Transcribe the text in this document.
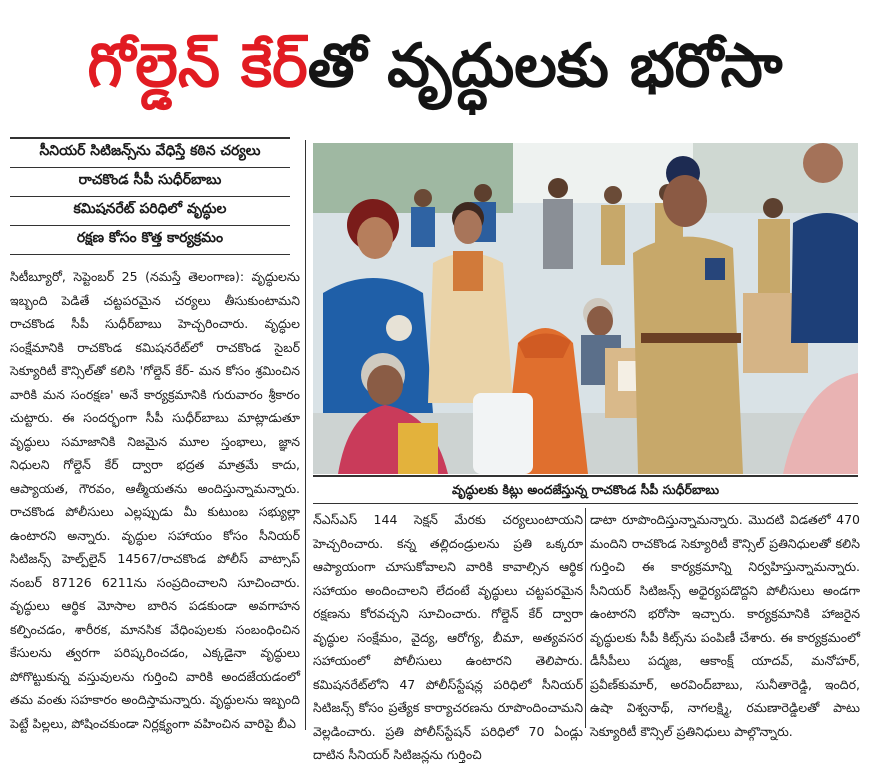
గోల్డెన్ కేర్ తో వృద్ధులకు భరోసా
సీనియర్ సిటిజన్స్‌ను వేధిస్తే కఠిన చర్యలు
రాచకొండ సీపీ సుధీర్‌బాబు
కమిషనరేట్ పరిధిలో వృద్ధుల
రక్షణ కోసం కొత్త కార్యక్రమం
వృద్ధులకు కిట్లు అందజేస్తున్న రాచకొండ సీపీ సుధీర్‌బాబు
సిటీబ్యూరో, సెప్టెంబర్ 25 (నమస్తే తెలంగాణ): వృద్ధులను ఇబ్బంది పెడితే చట్టపరమైన చర్యలు తీసుకుంటామని రాచకొండ సీపీ సుధీర్‌బాబు హెచ్చరించారు. వృద్ధుల సంక్షేమానికి రాచకొండ కమిషనరేట్‌లో రాచకొండ సైబర్ సెక్యూరిటీ కౌన్సిల్‌తో కలిసి 'గోల్డెన్ కేర్- మన కోసం శ్రమించిన వారికి మన సంరక్షణ' అనే కార్యక్రమానికి గురువారం శ్రీకారం చుట్టారు. ఈ సందర్భంగా సీపీ సుధీర్‌బాబు మాట్లాడుతూ వృద్ధులు సమాజానికి నిజమైన మూల స్తంభాలు, జ్ఞాన నిధులని గోల్డెన్ కేర్ ద్వారా భద్రత మాత్రమే కాదు, ఆప్యాయత, గౌరవం, ఆత్మీయతను అందిస్తున్నామన్నారు. రాచకొండ పోలీసులు ఎల్లప్పుడు మీ కుటుంబ సభ్యుల్లా ఉంటారని అన్నారు. వృద్ధుల సహాయం కోసం సీనియర్ సిటిజన్స్ హెల్ప్‌లైన్ 14567/రాచకొండ పోలీస్ వాట్సాప్ నంబర్ 87126 6211ను సంప్రదించాలని సూచించారు. వృద్ధులు ఆర్థిక మోసాల బారిన పడకుండా అవగాహన కల్పించడం, శారీరక, మానసిక వేధింపులకు సంబంధించిన కేసులను త్వరగా పరిష్కరించడం, ఎక్కడైనా వృద్ధులు పోగొట్టుకున్న వస్తువులను గుర్తించి వారికి అందజేయడంలో తమ వంతు సహకారం అందిస్తామన్నారు. వృద్ధులను ఇబ్బంది పెట్టే పిల్లలు, పోషించకుండా నిర్లక్ష్యంగా వహించిన వారిపై బీఎ
న్‌ఎస్ఎస్ 144 సెక్షన్ మేరకు చర్యలుంటాయని హెచ్చరించారు. కన్న తల్లిదండ్రులను ప్రతి ఒక్కరూ ఆప్యాయంగా చూసుకోవాలని వారికి కావాల్సిన ఆర్థిక సహాయం అందించాలని లేదంటే వృద్ధులు చట్టపరమైన రక్షణను కోరవచ్చని సూచించారు. గోల్డెన్ కేర్ ద్వారా వృద్ధుల సంక్షేమం, వైద్య, ఆరోగ్య, బీమా, అత్యవసర సహాయంలో పోలీసులు ఉంటారని తెలిపారు. కమిషనరేట్‌లోని 47 పోలీస్‌స్టేషన్ల పరిధిలో సీనియర్ సిటిజన్స్ కోసం ప్రత్యేక కార్యాచరణను రూపొందించామని వెల్లడించారు. ప్రతి పోలీస్‌స్టేషన్ పరిధిలో 70 ఏండ్లు దాటిన సీనియర్ సిటిజన్లను గుర్తించి
డాటా రూపొందిస్తున్నామన్నారు. మొదటి విడతలో 470 మందిని రాచకొండ సెక్యూరిటీ కౌన్సిల్ ప్రతినిధులతో కలిసి గుర్తించి ఈ కార్యక్రమాన్ని నిర్వహిస్తున్నామన్నారు. సీనియర్ సిటిజన్స్ అధైర్యపడొద్దని పోలీసులు అండగా ఉంటారని భరోసా ఇచ్చారు. కార్యక్రమానికి హాజరైన వృద్ధులకు సీపీ కిట్స్‌ను పంపిణీ చేశారు. ఈ కార్యక్రమంలో డీసీపీలు పద్మజ, ఆకాంక్ష్ యాదవ్, మనోహర్, ప్రవీణ్‌కుమార్, అరవింద్‌బాబు, సునీతారెడ్డి, ఇందిర, ఉషా విశ్వనాథ్, నాగలక్ష్మి, రమణారెడ్డిలతో పాటు సెక్యూరిటీ కౌన్సిల్ ప్రతినిధులు పాల్గొన్నారు.
